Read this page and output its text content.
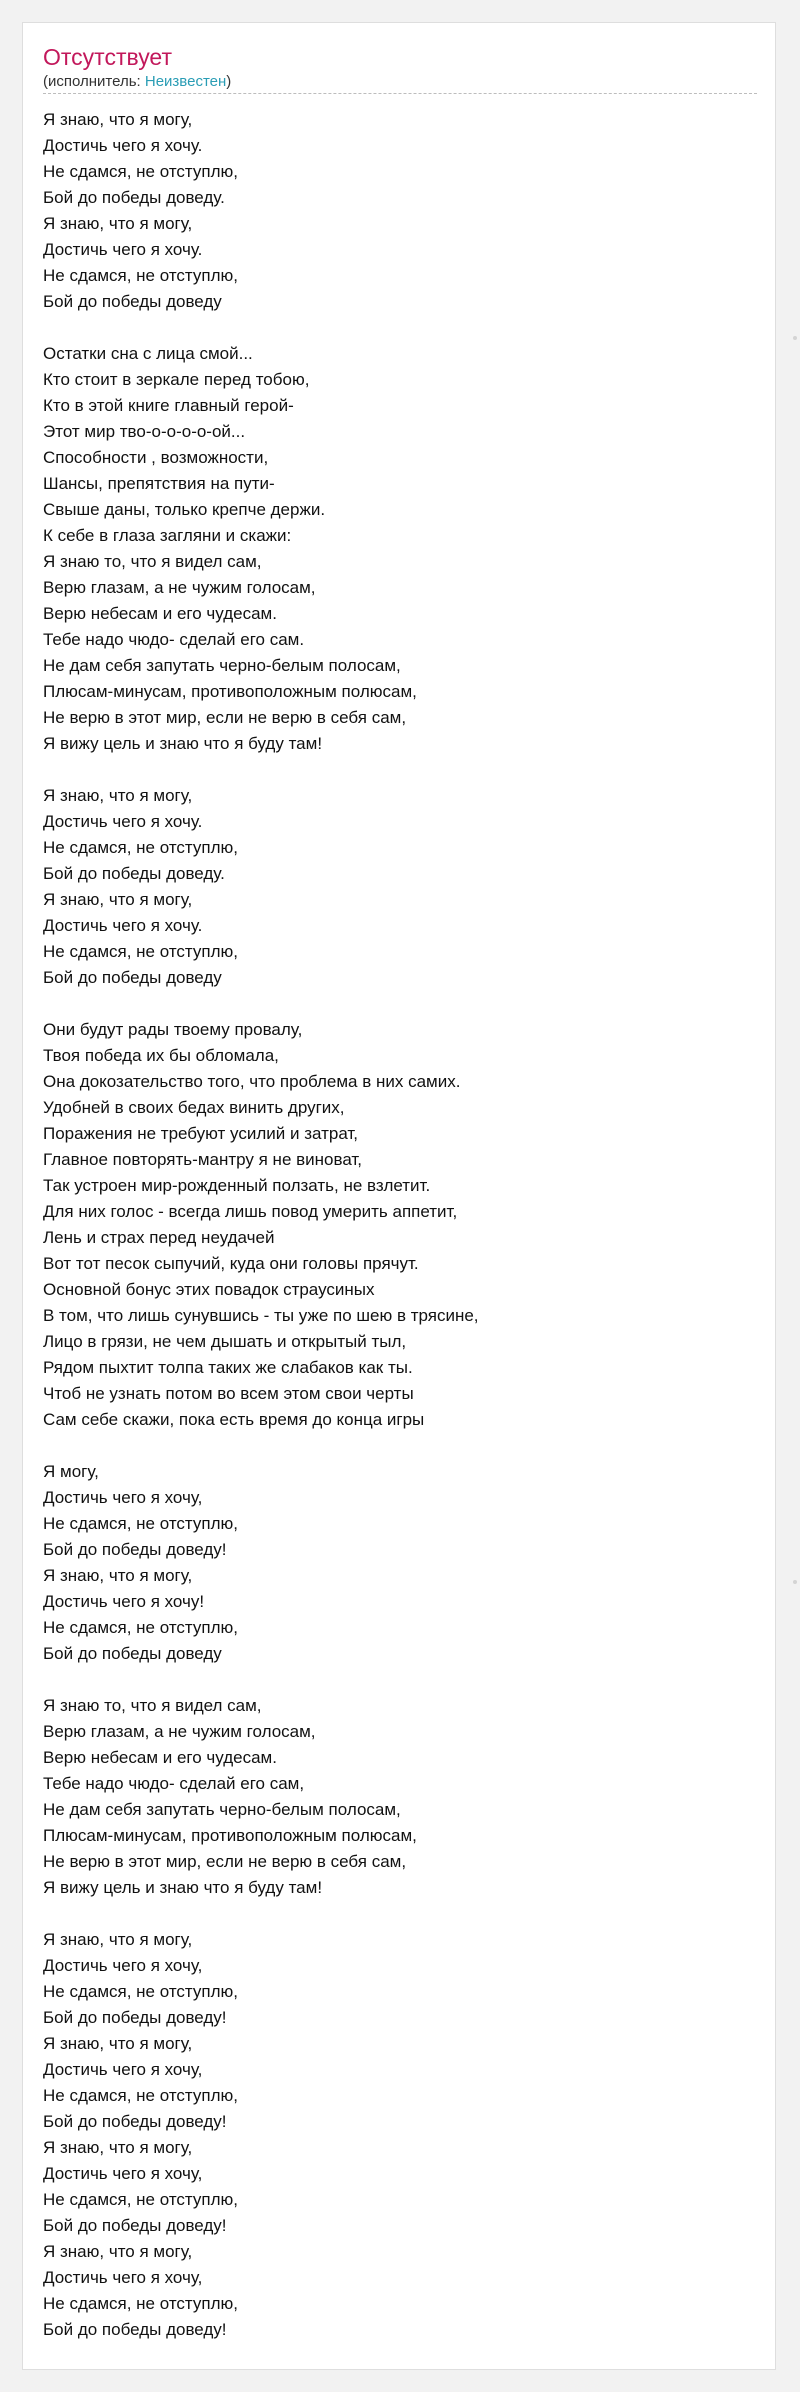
Отсутствует
(исполнитель: Неизвестен)
Я знаю, что я могу,
Достичь чего я хочу.
Не сдамся, не отступлю,
Бой до победы доведу.
Я знаю, что я могу,
Достичь чего я хочу.
Не сдамся, не отступлю,
Бой до победы доведу
Остатки сна с лица смой...
Кто стоит в зеркале перед тобою,
Кто в этой книге главный герой-
Этот мир тво-о-о-о-о-ой...
Способности , возможности,
Шансы, препятствия на пути-
Свыше даны, только крепче держи.
К себе в глаза загляни и скажи:
Я знаю то, что я видел сам,
Верю глазам, а не чужим голосам,
Верю небесам и его чудесам.
Тебе надо чюдо- сделай его сам.
Не дам себя запутать черно-белым полосам,
Плюсам-минусам, противоположным полюсам,
Не верю в этот мир, если не верю в себя сам,
Я вижу цель и знаю что я буду там!
Я знаю, что я могу,
Достичь чего я хочу.
Не сдамся, не отступлю,
Бой до победы доведу.
Я знаю, что я могу,
Достичь чего я хочу.
Не сдамся, не отступлю,
Бой до победы доведу
Они будут рады твоему провалу,
Твоя победа их бы обломала,
Она докозательство того, что проблема в них самих.
Удобней в своих бедах винить других,
Поражения не требуют усилий и затрат,
Главное повторять-мантру я не виноват,
Так устроен мир-рожденный ползать, не взлетит.
Для них голос - всегда лишь повод умерить аппетит,
Лень и страх перед неудачей
Вот тот песок сыпучий, куда они головы прячут.
Основной бонус этих повадок страусиных
В том, что лишь сунувшись - ты уже по шею в трясине,
Лицо в грязи, не чем дышать и открытый тыл,
Рядом пыхтит толпа таких же слабаков как ты.
Чтоб не узнать потом во всем этом свои черты
Сам себе скажи, пока есть время до конца игры
Я могу,
Достичь чего я хочу,
Не сдамся, не отступлю,
Бой до победы доведу!
Я знаю, что я могу,
Достичь чего я хочу!
Не сдамся, не отступлю,
Бой до победы доведу
Я знаю то, что я видел сам,
Верю глазам, а не чужим голосам,
Верю небесам и его чудесам.
Тебе надо чюдо- сделай его сам,
Не дам себя запутать черно-белым полосам,
Плюсам-минусам, противоположным полюсам,
Не верю в этот мир, если не верю в себя сам,
Я вижу цель и знаю что я буду там!
Я знаю, что я могу,
Достичь чего я хочу,
Не сдамся, не отступлю,
Бой до победы доведу!
Я знаю, что я могу,
Достичь чего я хочу,
Не сдамся, не отступлю,
Бой до победы доведу!
Я знаю, что я могу,
Достичь чего я хочу,
Не сдамся, не отступлю,
Бой до победы доведу!
Я знаю, что я могу,
Достичь чего я хочу,
Не сдамся, не отступлю,
Бой до победы доведу!
